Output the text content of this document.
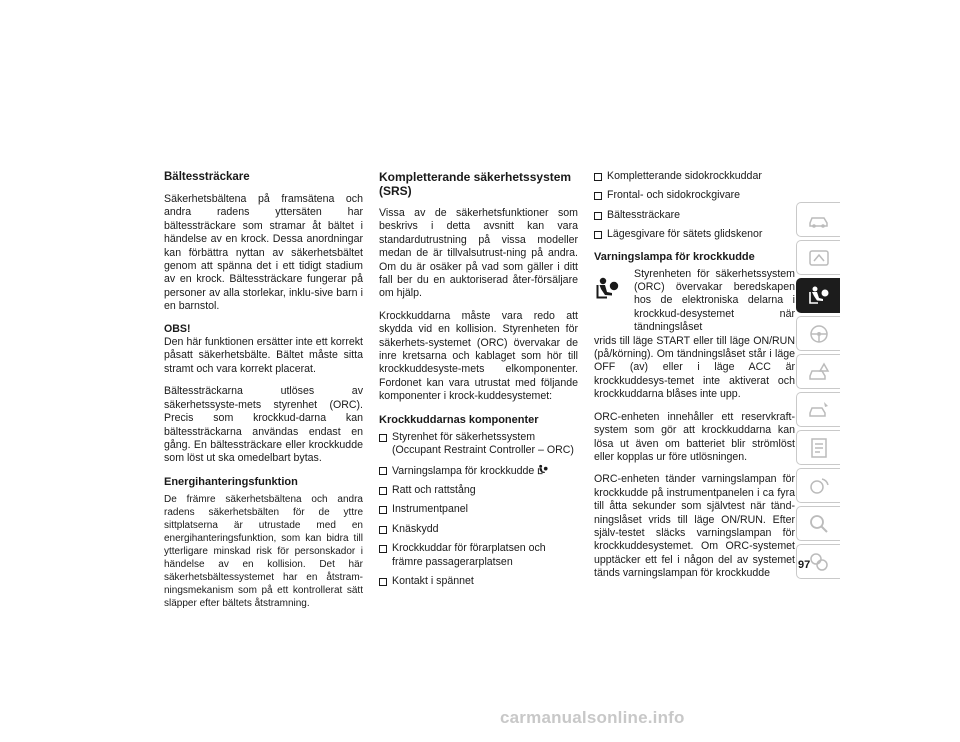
Bältessträckare

Säkerhetsbältena på framsätena och andra radens yttersäten har bältessträckare som stramar åt bältet i händelse av en krock. Dessa anordningar kan förbättra nyttan av säkerhetsbältet genom att spänna det i ett tidigt stadium av en krock. Bältessträckare fungerar på personer av alla storlekar, inklu-sive barn i en barnstol.

OBS!
Den här funktionen ersätter inte ett korrekt påsatt säkerhetsbälte. Bältet måste sitta stramt och vara korrekt placerat.

Bältessträckarna utlöses av säkerhetssyste-mets styrenhet (ORC). Precis som krockkud-darna kan bältessträckarna användas endast en gång. En bältessträckare eller krockkudde som löst ut ska omedelbart bytas.

Energihanteringsfunktion

De främre säkerhetsbältena och andra radens säkerhetsbälten för de yttre sittplatserna är utrustade med en energihanteringsfunktion, som kan bidra till ytterligare minskad risk för personskador i händelse av en kollision. Det här säkerhetsbältessystemet har en åtstram-ningsmekanism som på ett kontrollerat sätt släpper efter bältets åtstramning.

Kompletterande säkerhetssystem (SRS)

Vissa av de säkerhetsfunktioner som beskrivs i detta avsnitt kan vara standardutrustning på vissa modeller medan de är tillvalsutrust-ning på andra. Om du är osäker på vad som gäller i ditt fall ber du en auktoriserad åter-försäljare om hjälp.

Krockkuddarna måste vara redo att skydda vid en kollision. Styrenheten för säkerhets-systemet (ORC) övervakar de inre kretsarna och kablaget som hör till krockkuddesyste-mets elkomponenter. Fordonet kan vara utrustat med följande komponenter i krock-kuddesystemet:

Krockkuddarnas komponenter
Styrenhet för säkerhetssystem (Occupant Restraint Controller – ORC)
Varningslampa för krockkudde
Ratt och rattstång
Instrumentpanel
Knäskydd
Krockkuddar för förarplatsen och främre passagerarplatsen
Kontakt i spännet
Kompletterande sidokrockkuddar
Frontal- och sidokrockgivare
Bältessträckare
Lägesgivare för sätets glidskenor
Varningslampa för krockkudde

Styrenheten för säkerhetssystem (ORC) övervakar beredskapen hos de elektroniska delarna i krockkud-desystemet när tändningslåset

vrids till läge START eller till läge ON/RUN (på/körning). Om tändningslåset står i läge OFF (av) eller i läge ACC är krockkuddesys-temet inte aktiverat och krockkuddarna blåses inte upp.

ORC-enheten innehåller ett reservkraft-system som gör att krockkuddarna kan lösa ut även om batteriet blir strömlöst eller kopplas ur före utlösningen.

ORC-enheten tänder varningslampan för krockkudde på instrumentpanelen i ca fyra till åtta sekunder som självtest när tänd-ningslåset vrids till läge ON/RUN. Efter själv-testet släcks varningslampan för krockkuddesystemet. Om ORC-systemet upptäcker ett fel i någon del av systemet tänds varningslampan för krockkudde

97
carmanualsonline.info
